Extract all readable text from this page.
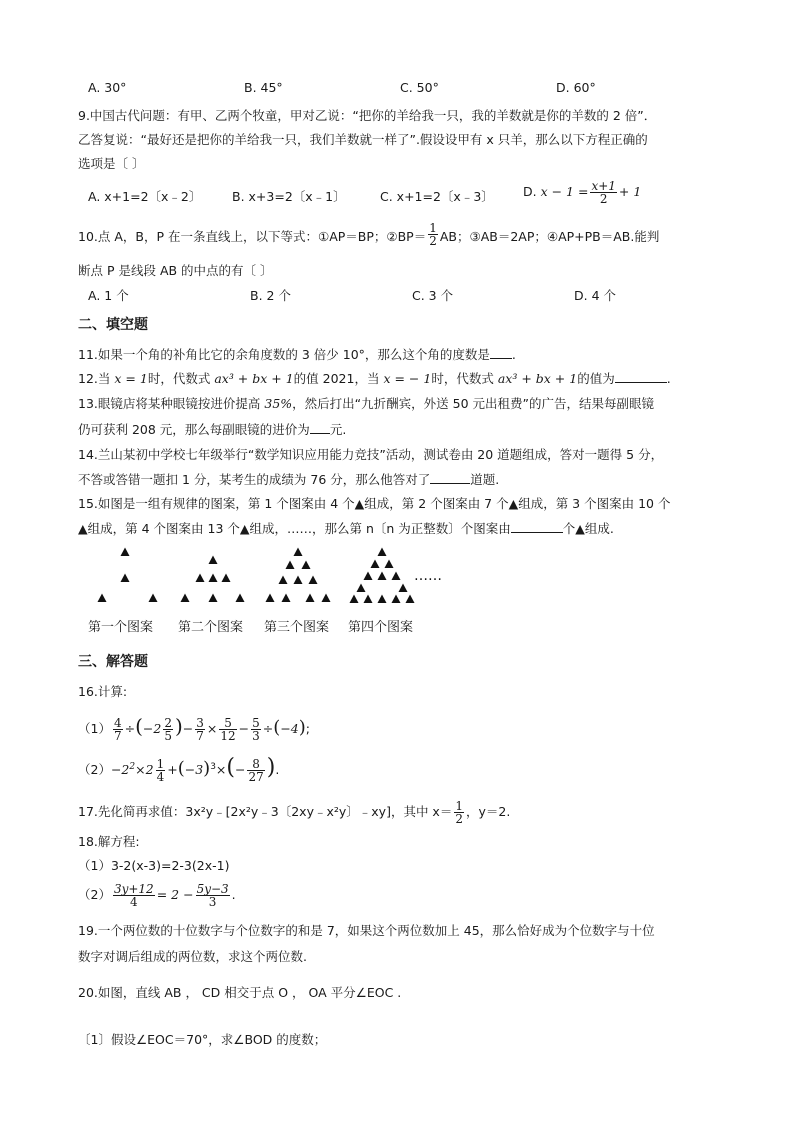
A. 30°	B. 45°	C. 50°	D. 60°
9.中国古代问题：有甲、乙两个牧童，甲对乙说：“把你的羊给我一只，我的羊数就是你的羊数的 2 倍”．
乙答复说：“最好还是把你的羊给我一只，我们羊数就一样了”.假设设甲有 x 只羊，那么以下方程正确的
选项是〔 〕
A. x+1=2〔x﹣2〕 B. x+3=2〔x﹣1〕	C. x+1=2〔x﹣3〕 D. $x - 1 = \frac{x+1}{2} + 1$
10.点 A，B，P 在一条直线上，以下等式：①AP＝BP；②BP＝ $\frac{1}{2}$ AB；③AB＝2AP；④AP+PB＝AB.能判
断点 P 是线段 AB 的中点的有〔 〕
A. 1 个	B. 2 个	C. 3 个	D. 4 个
二、填空题
11.如果一个角的补角比它的余角度数的 3 倍少 10°，那么这个角的度数是 .
12.当 x = 1时，代数式 ax³ + bx + 1的值 2021，当 x = − 1时，代数式 ax³ + bx + 1的值为	.
13.眼镜店将某种眼镜按进价提高 35%，然后打出“九折酬宾，外送 50 元出租费”的广告，结果每副眼镜
仍可获利 208 元，那么每副眼镜的进价为 元.
14.兰山某初中学校七年级举行“数学知识应用能力竞技”活动，测试卷由 20 道题组成，答对一题得 5 分，
不答或答错一题扣 1 分，某考生的成绩为 76 分，那么他答对了	道题.
15.如图是一组有规律的图案，第 1 个图案由 4 个▲组成，第 2 个图案由 7 个▲组成，第 3 个图案由 10 个
▲组成，第 4 个图案由 13 个▲组成，……，那么第 n〔n 为正整数〕个图案由	个▲组成.
……
第一个图案 第二个图案 第三个图案 第四个图案
三、解答题
16.计算:
$(1) \frac{4}{7} \div(-2 \frac{2}{5}$ )− $\frac{3}{7} \times \frac{5}{12} - \frac{5}{3} \div(-4)$;
$(2)-2^2\times 2 \frac{1}{4} +(-3)^3\times(- \frac{8}{27}$ ).
17.先化简再求值：3x²y﹣[2x²y﹣3〔2xy﹣x²y〕﹣xy]，其中 $x= \frac{1}{2}$ ，y＝2.
18.解方程:
（1）3-2(x-3)=2-3(2x-1)
$(2) \frac{3y+12}{4} = 2 - \frac{5y-3}{3}$ .
19.一个两位数的十位数字与个位数字的和是 7，如果这个两位数加上 45，那么恰好成为个位数字与十位
数字对调后组成的两位数，求这个两位数.
20.如图，直线 AB ， CD 相交于点 O ， OA 平分∠EOC .
〔1〕假设∠EOC＝70°，求∠BOD 的度数；
